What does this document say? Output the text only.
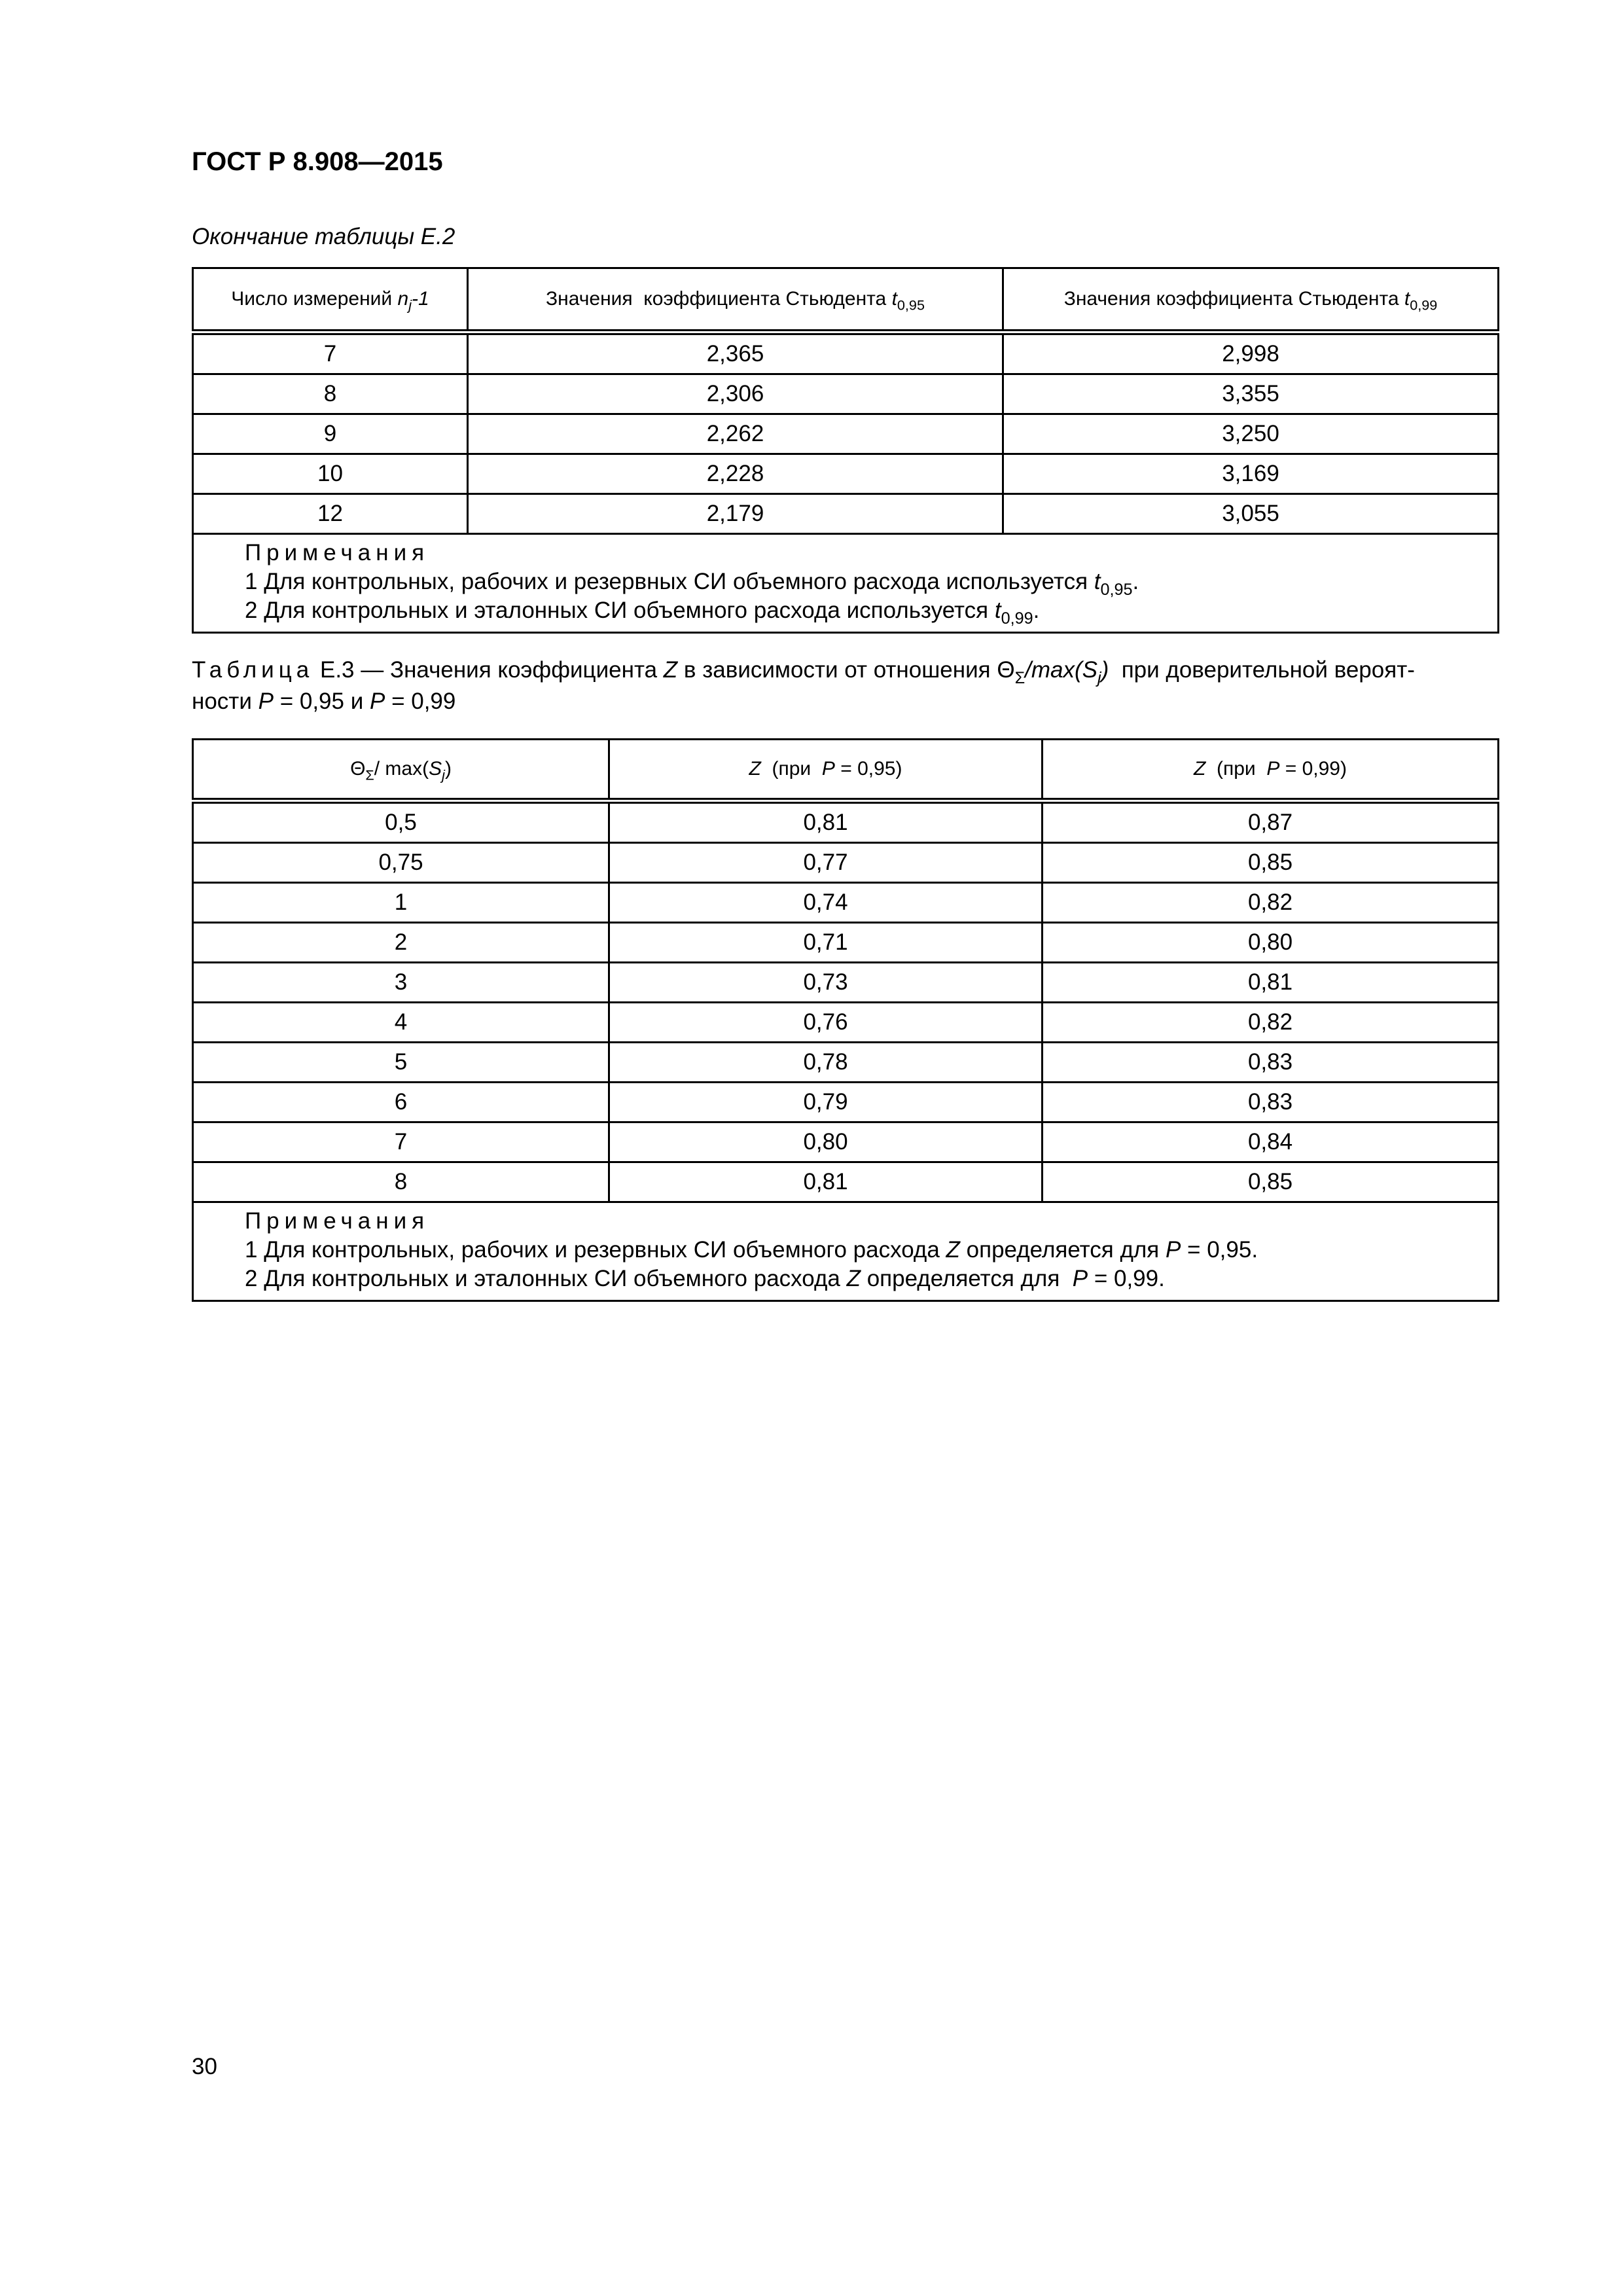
ГОСТ Р 8.908—2015
Окончание таблицы Е.2
Число измерений $n_j-1$	Значения  коэффициента Стьюдента $t_{0,95}$	Значения коэффициента Стьюдента $t_{0,99}$
7	2,365	2,998
8	2,306	3,355
9	2,262	3,250
10	2,228	3,169
12	2,179	3,055

Примечания
1 Для контрольных, рабочих и резервных СИ объемного расхода используется $t_{0,95}$.
2 Для контрольных и эталонных СИ объемного расхода используется $t_{0,99}$.		
Таблица Е.3 — Значения коэффициента Z в зависимости от отношения $\Theta_\Sigma/\max(S_j)$  при доверительной вероят-
ности P = 0,95 и P = 0,99
$\Theta_\Sigma/$ $\max(S_j)$	Z  (при  P = 0,95)	Z  (при  P = 0,99)
0,5	0,81	0,87
0,75	0,77	0,85
1	0,74	0,82
2	0,71	0,80
3	0,73	0,81
4	0,76	0,82
5	0,78	0,83
6	0,79	0,83
7	0,80	0,84
8	0,81	0,85

Примечания
1 Для контрольных, рабочих и резервных СИ объемного расхода Z определяется для P = 0,95.
2 Для контрольных и эталонных СИ объемного расхода Z определяется для  P = 0,99.		
30
